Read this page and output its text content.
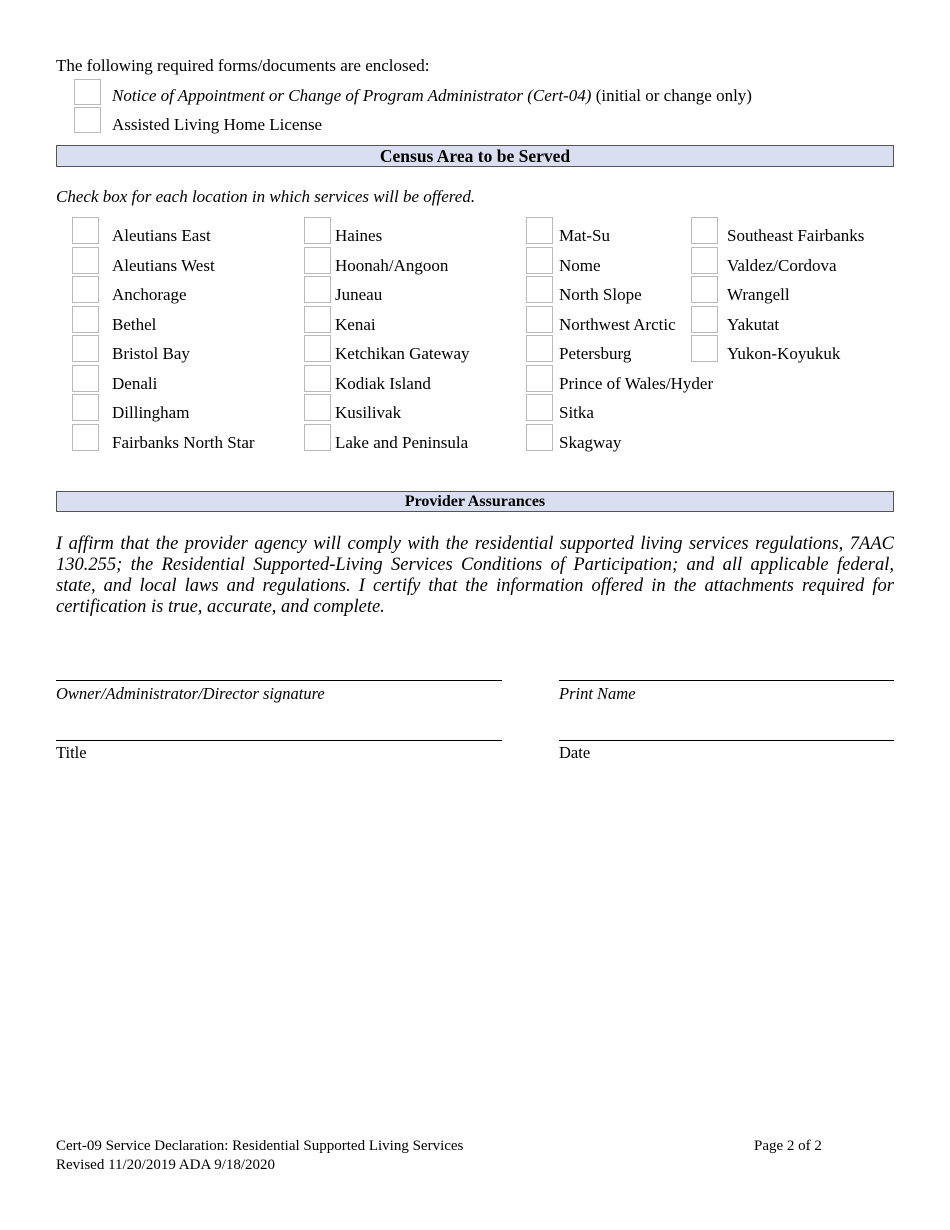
The following required forms/documents are enclosed:
Notice of Appointment or Change of Program Administrator (Cert-04) (initial or change only)
Assisted Living Home License
Census Area to be Served
Check box for each location in which services will be offered.
Aleutians East
Aleutians West
Anchorage
Bethel
Bristol Bay
Denali
Dillingham
Fairbanks North Star
Haines
Hoonah/Angoon
Juneau
Kenai
Ketchikan Gateway
Kodiak Island
Kusilivak
Lake and Peninsula
Mat-Su
Nome
North Slope
Northwest Arctic
Petersburg
Prince of Wales/Hyder
Sitka
Skagway
Southeast Fairbanks
Valdez/Cordova
Wrangell
Yakutat
Yukon-Koyukuk
Provider Assurances
I affirm that the provider agency will comply with the residential supported living services regulations, 7AAC 130.255; the Residential Supported-Living Services Conditions of Participation; and all applicable federal, state, and local laws and regulations. I certify that the information offered in the attachments required for certification is true, accurate, and complete.
Owner/Administrator/Director signature	Print Name
Title	Date
Cert-09 Service Declaration: Residential Supported Living Services
Revised 11/20/2019 ADA 9/18/2020
Page 2 of 2
